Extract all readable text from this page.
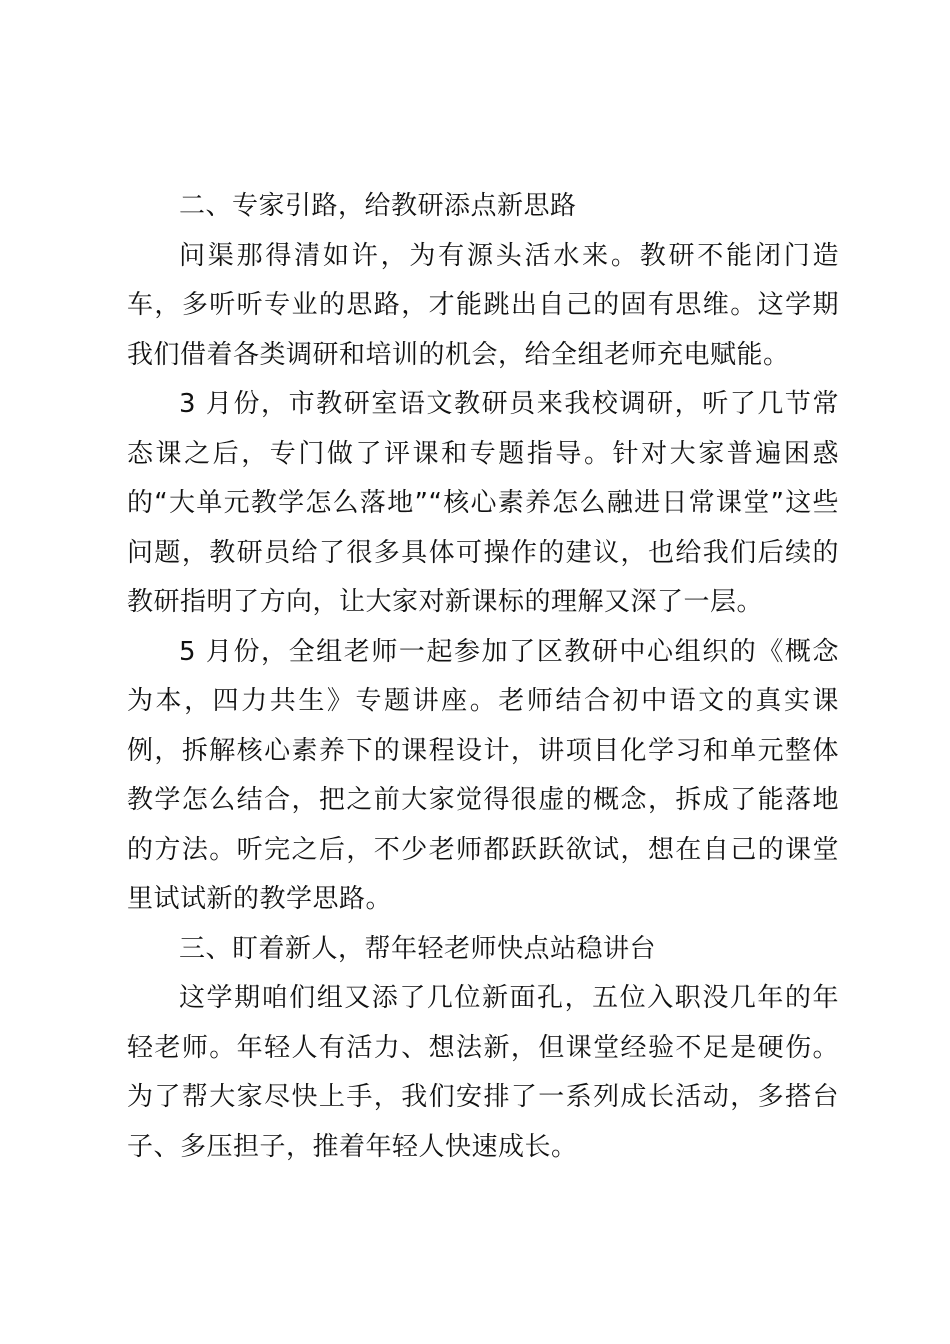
二、专家引路，给教研添点新思路

问渠那得清如许，为有源头活水来。教研不能闭门造车，多听听专业的思路，才能跳出自己的固有思维。这学期我们借着各类调研和培训的机会，给全组老师充电赋能。

3 月份，市教研室语文教研员来我校调研，听了几节常态课之后，专门做了评课和专题指导。针对大家普遍困惑的“大单元教学怎么落地”“核心素养怎么融进日常课堂”这些问题，教研员给了很多具体可操作的建议，也给我们后续的教研指明了方向，让大家对新课标的理解又深了一层。

5 月份，全组老师一起参加了区教研中心组织的《概念为本，四力共生》专题讲座。老师结合初中语文的真实课例，拆解核心素养下的课程设计，讲项目化学习和单元整体教学怎么结合，把之前大家觉得很虚的概念，拆成了能落地的方法。听完之后，不少老师都跃跃欲试，想在自己的课堂里试试新的教学思路。

三、盯着新人，帮年轻老师快点站稳讲台

这学期咱们组又添了几位新面孔，五位入职没几年的年轻老师。年轻人有活力、想法新，但课堂经验不足是硬伤。为了帮大家尽快上手，我们安排了一系列成长活动，多搭台子、多压担子，推着年轻人快速成长。
